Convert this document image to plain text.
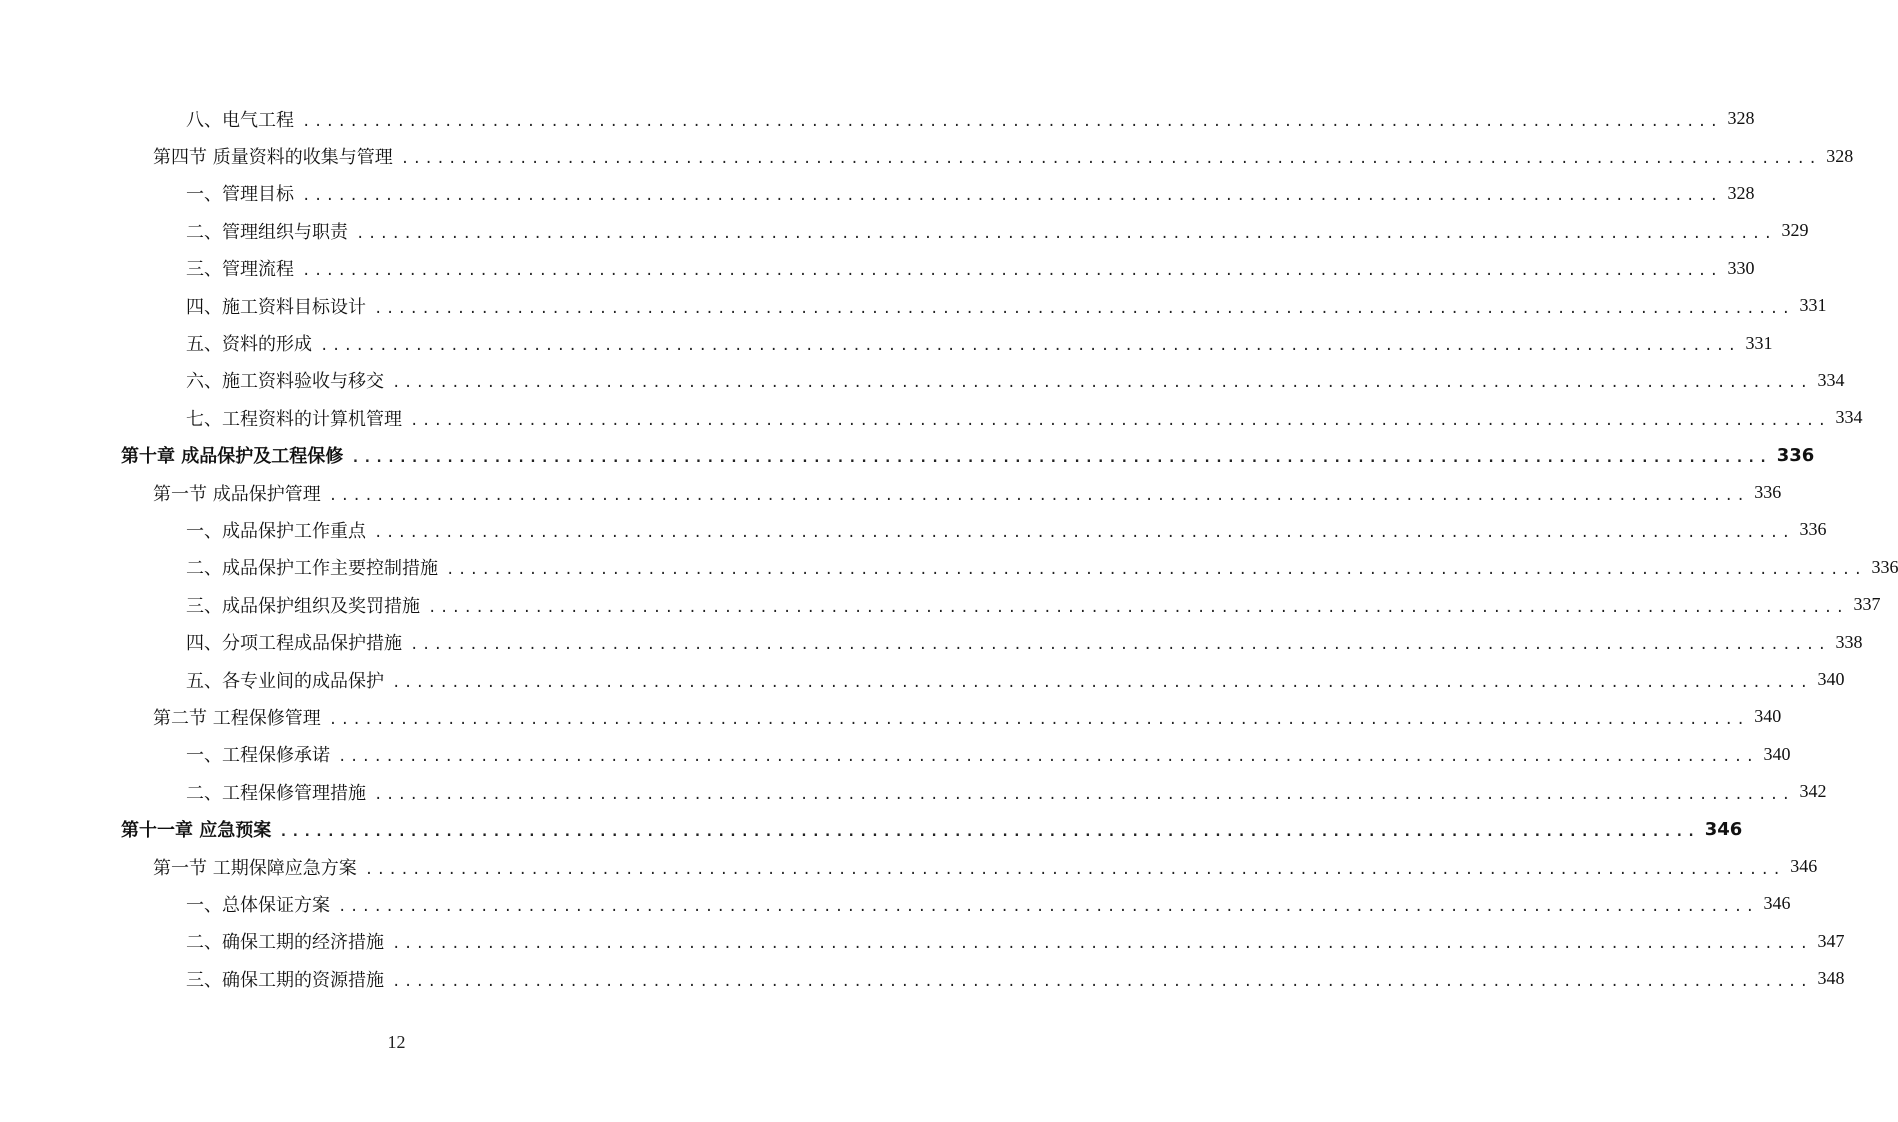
八、电气工程 ........................................................................................................................ 328
第四节 质量资料的收集与管理 ........................................................................................................................ 328
一、管理目标 ........................................................................................................................ 328
二、管理组织与职责 ........................................................................................................................ 329
三、管理流程 ........................................................................................................................ 330
四、施工资料目标设计 ........................................................................................................................ 331
五、资料的形成 ........................................................................................................................ 331
六、施工资料验收与移交 ........................................................................................................................ 334
七、工程资料的计算机管理 ........................................................................................................................ 334
第十章 成品保护及工程保修 ........................................................................................................................ 336
第一节 成品保护管理 ........................................................................................................................ 336
一、成品保护工作重点 ........................................................................................................................ 336
二、成品保护工作主要控制措施 ........................................................................................................................ 336
三、成品保护组织及奖罚措施 ........................................................................................................................ 337
四、分项工程成品保护措施 ........................................................................................................................ 338
五、各专业间的成品保护 ........................................................................................................................ 340
第二节 工程保修管理 ........................................................................................................................ 340
一、工程保修承诺 ........................................................................................................................ 340
二、工程保修管理措施 ........................................................................................................................ 342
第十一章 应急预案 ........................................................................................................................ 346
第一节 工期保障应急方案 ........................................................................................................................ 346
一、总体保证方案 ........................................................................................................................ 346
二、确保工期的经济措施 ........................................................................................................................ 347
三、确保工期的资源措施 ........................................................................................................................ 348
12
